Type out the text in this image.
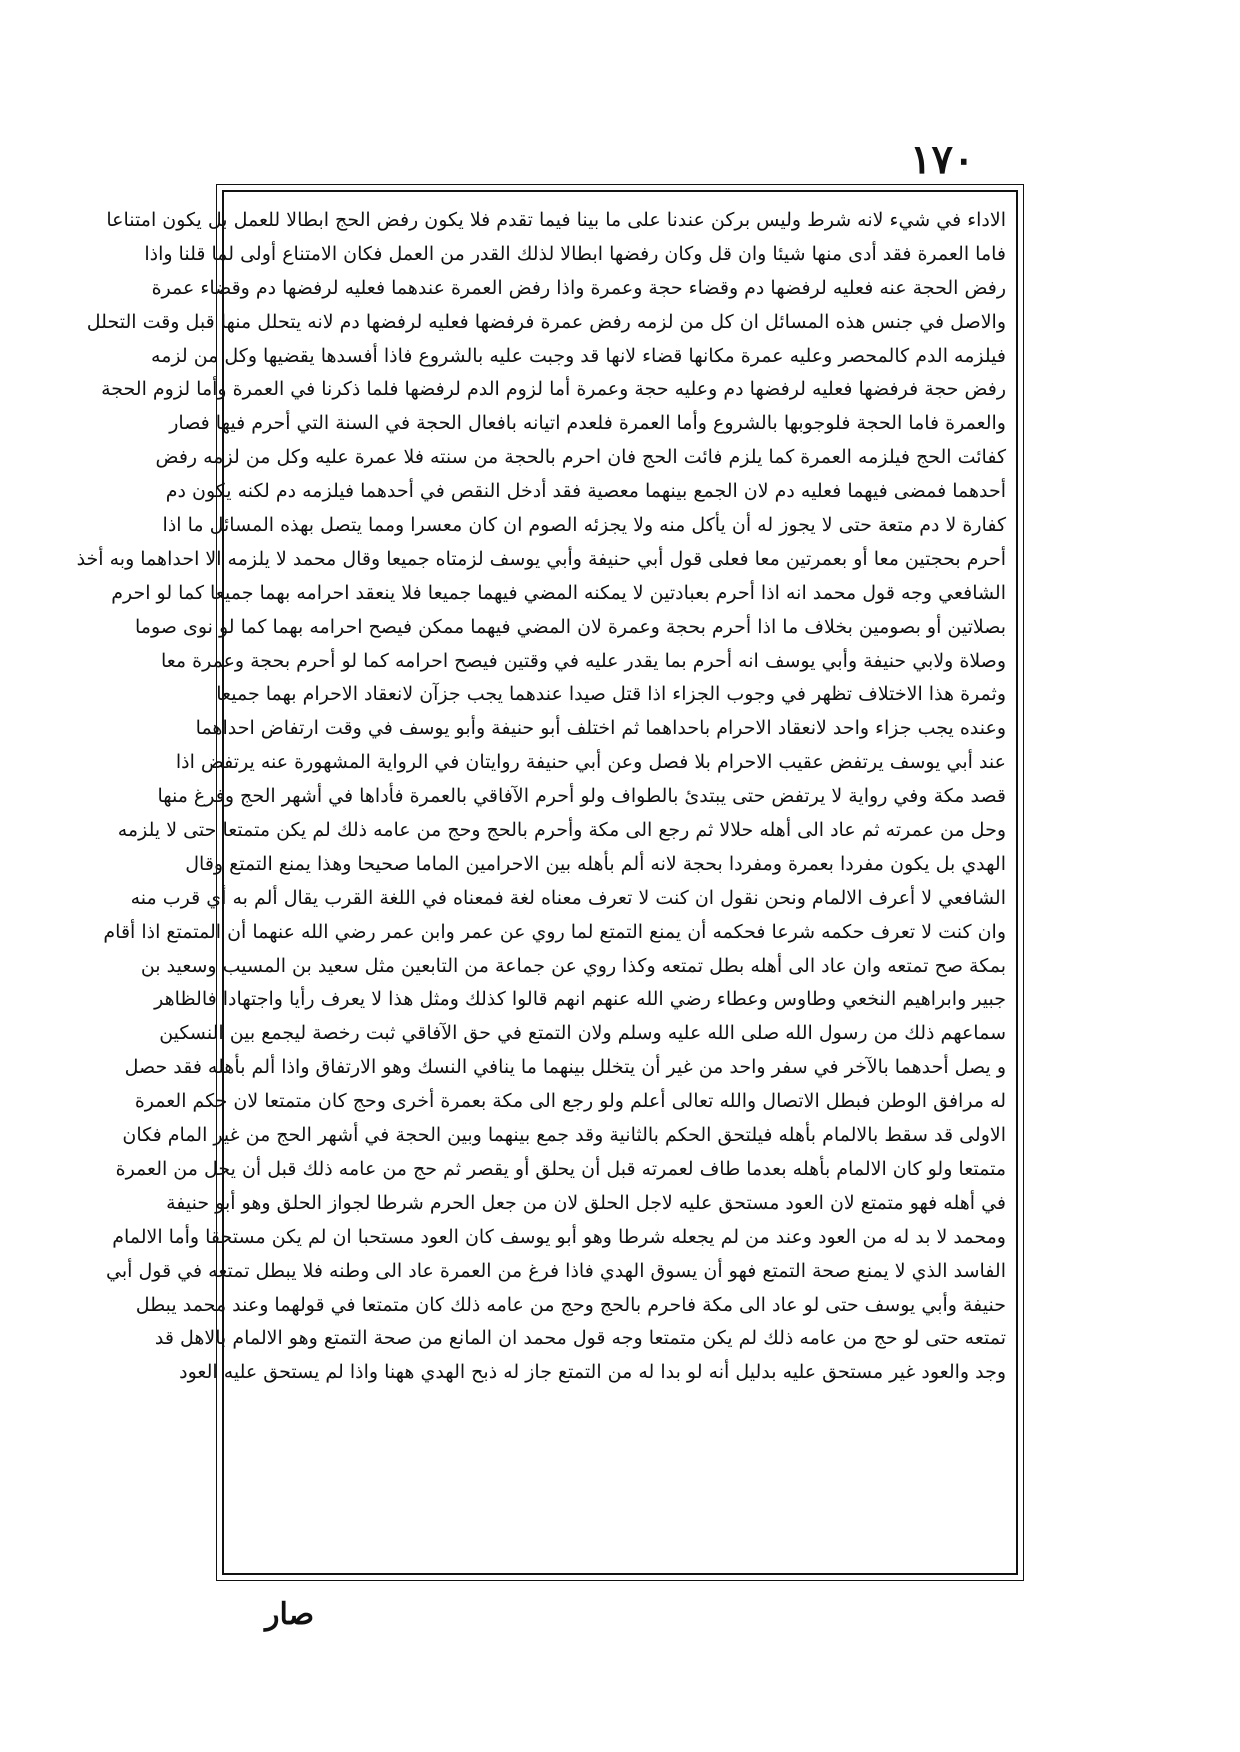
١٧٠
الاداء في شيء لانه شرط وليس بركن عندنا على ما بينا فيما تقدم فلا يكون رفض الحج ابطالا للعمل بل يكون امتناعا
فاما العمرة فقد أدى منها شيئا وان قل وكان رفضها ابطالا لذلك القدر من العمل فكان الامتناع أولى لما قلنا واذا
رفض الحجة عنه فعليه لرفضها دم وقضاء حجة وعمرة واذا رفض العمرة عندهما فعليه لرفضها دم وقضاء عمرة
والاصل في جنس هذه المسائل ان كل من لزمه رفض عمرة فرفضها فعليه لرفضها دم لانه يتحلل منها قبل وقت التحلل
فيلزمه الدم كالمحصر وعليه عمرة مكانها قضاء لانها قد وجبت عليه بالشروع فاذا أفسدها يقضيها وكل من لزمه
رفض حجة فرفضها فعليه لرفضها دم وعليه حجة وعمرة أما لزوم الدم لرفضها فلما ذكرنا في العمرة وأما لزوم الحجة
والعمرة فاما الحجة فلوجوبها بالشروع وأما العمرة فلعدم اتيانه بافعال الحجة في السنة التي أحرم فيها فصار
كفائت الحج فيلزمه العمرة كما يلزم فائت الحج فان احرم بالحجة من سنته فلا عمرة عليه وكل من لزمه رفض
أحدهما فمضى فيهما فعليه دم لان الجمع بينهما معصية فقد أدخل النقص في أحدهما فيلزمه دم لكنه يكون دم
كفارة لا دم متعة حتى لا يجوز له أن يأكل منه ولا يجزئه الصوم ان كان معسرا ومما يتصل بهذه المسائل ما اذا
أحرم بحجتين معا أو بعمرتين معا فعلى قول أبي حنيفة وأبي يوسف لزمتاه جميعا وقال محمد لا يلزمه الا احداهما وبه أخذ
الشافعي وجه قول محمد انه اذا أحرم بعبادتين لا يمكنه المضي فيهما جميعا فلا ينعقد احرامه بهما جميعا كما لو احرم
بصلاتين أو بصومين بخلاف ما اذا أحرم بحجة وعمرة لان المضي فيهما ممكن فيصح احرامه بهما كما لو نوى صوما
وصلاة ولابي حنيفة وأبي يوسف انه أحرم بما يقدر عليه في وقتين فيصح احرامه كما لو أحرم بحجة وعمرة معا
وثمرة هذا الاختلاف تظهر في وجوب الجزاء اذا قتل صيدا عندهما يجب جزآن لانعقاد الاحرام بهما جميعا
وعنده يجب جزاء واحد لانعقاد الاحرام باحداهما ثم اختلف أبو حنيفة وأبو يوسف في وقت ارتفاض احداهما
عند أبي يوسف يرتفض عقيب الاحرام بلا فصل وعن أبي حنيفة روايتان في الرواية المشهورة عنه يرتفض اذا
قصد مكة وفي رواية لا يرتفض حتى يبتدئ بالطواف ولو أحرم الآفاقي بالعمرة فأداها في أشهر الحج وفرغ منها
وحل من عمرته ثم عاد الى أهله حلالا ثم رجع الى مكة وأحرم بالحج وحج من عامه ذلك لم يكن متمتعا حتى لا يلزمه
الهدي بل يكون مفردا بعمرة ومفردا بحجة لانه ألم بأهله بين الاحرامين الماما صحيحا وهذا يمنع التمتع وقال
الشافعي لا أعرف الالمام ونحن نقول ان كنت لا تعرف معناه لغة فمعناه في اللغة القرب يقال ألم به أي قرب منه
وان كنت لا تعرف حكمه شرعا فحكمه أن يمنع التمتع لما روي عن عمر وابن عمر رضي الله عنهما أن المتمتع اذا أقام
بمكة صح تمتعه وان عاد الى أهله بطل تمتعه وكذا روي عن جماعة من التابعين مثل سعيد بن المسيب وسعيد بن
جبير وابراهيم النخعي وطاوس وعطاء رضي الله عنهم انهم قالوا كذلك ومثل هذا لا يعرف رأيا واجتهادا فالظاهر
سماعهم ذلك من رسول الله صلى الله عليه وسلم ولان التمتع في حق الآفاقي ثبت رخصة ليجمع بين النسكين
و يصل أحدهما بالآخر في سفر واحد من غير أن يتخلل بينهما ما ينافي النسك وهو الارتفاق واذا ألم بأهله فقد حصل
له مرافق الوطن فبطل الاتصال والله تعالى أعلم ولو رجع الى مكة بعمرة أخرى وحج كان متمتعا لان حكم العمرة
الاولى قد سقط بالالمام بأهله فيلتحق الحكم بالثانية وقد جمع بينهما وبين الحجة في أشهر الحج من غير المام فكان
متمتعا ولو كان الالمام بأهله بعدما طاف لعمرته قبل أن يحلق أو يقصر ثم حج من عامه ذلك قبل أن يحل من العمرة
في أهله فهو متمتع لان العود مستحق عليه لاجل الحلق لان من جعل الحرم شرطا لجواز الحلق وهو أبو حنيفة
ومحمد لا بد له من العود وعند من لم يجعله شرطا وهو أبو يوسف كان العود مستحبا ان لم يكن مستحقا وأما الالمام
الفاسد الذي لا يمنع صحة التمتع فهو أن يسوق الهدي فاذا فرغ من العمرة عاد الى وطنه فلا يبطل تمتعه في قول أبي
حنيفة وأبي يوسف حتى لو عاد الى مكة فاحرم بالحج وحج من عامه ذلك كان متمتعا في قولهما وعند محمد يبطل
تمتعه حتى لو حج من عامه ذلك لم يكن متمتعا وجه قول محمد ان المانع من صحة التمتع وهو الالمام بالاهل قد
وجد والعود غير مستحق عليه بدليل أنه لو بدا له من التمتع جاز له ذبح الهدي ههنا واذا لم يستحق عليه العود
صار
